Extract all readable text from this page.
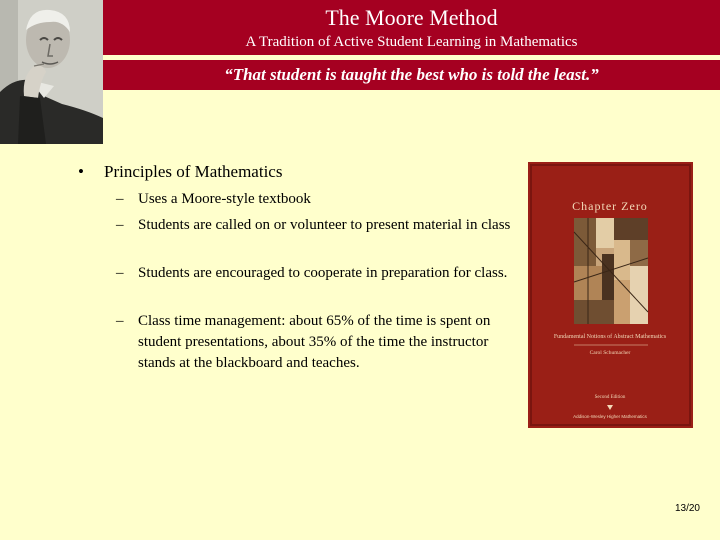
The Moore Method
A Tradition of Active Student Learning in Mathematics
“That student is taught the best who is told the least.”
• Principles of Mathematics
– Uses a Moore-style textbook
– Students are called on or volunteer to present material in class
– Students are encouraged to cooperate in preparation for class.
– Class time management: about 65% of the time is spent on student presentations, about 35% of the time the instructor stands at the blackboard and teaches.
Chapter Zero
Fundamental Notions of Abstract Mathematics
Carol Schumacher
Second Edition
Addison-Wesley Higher Mathematics
13/20
